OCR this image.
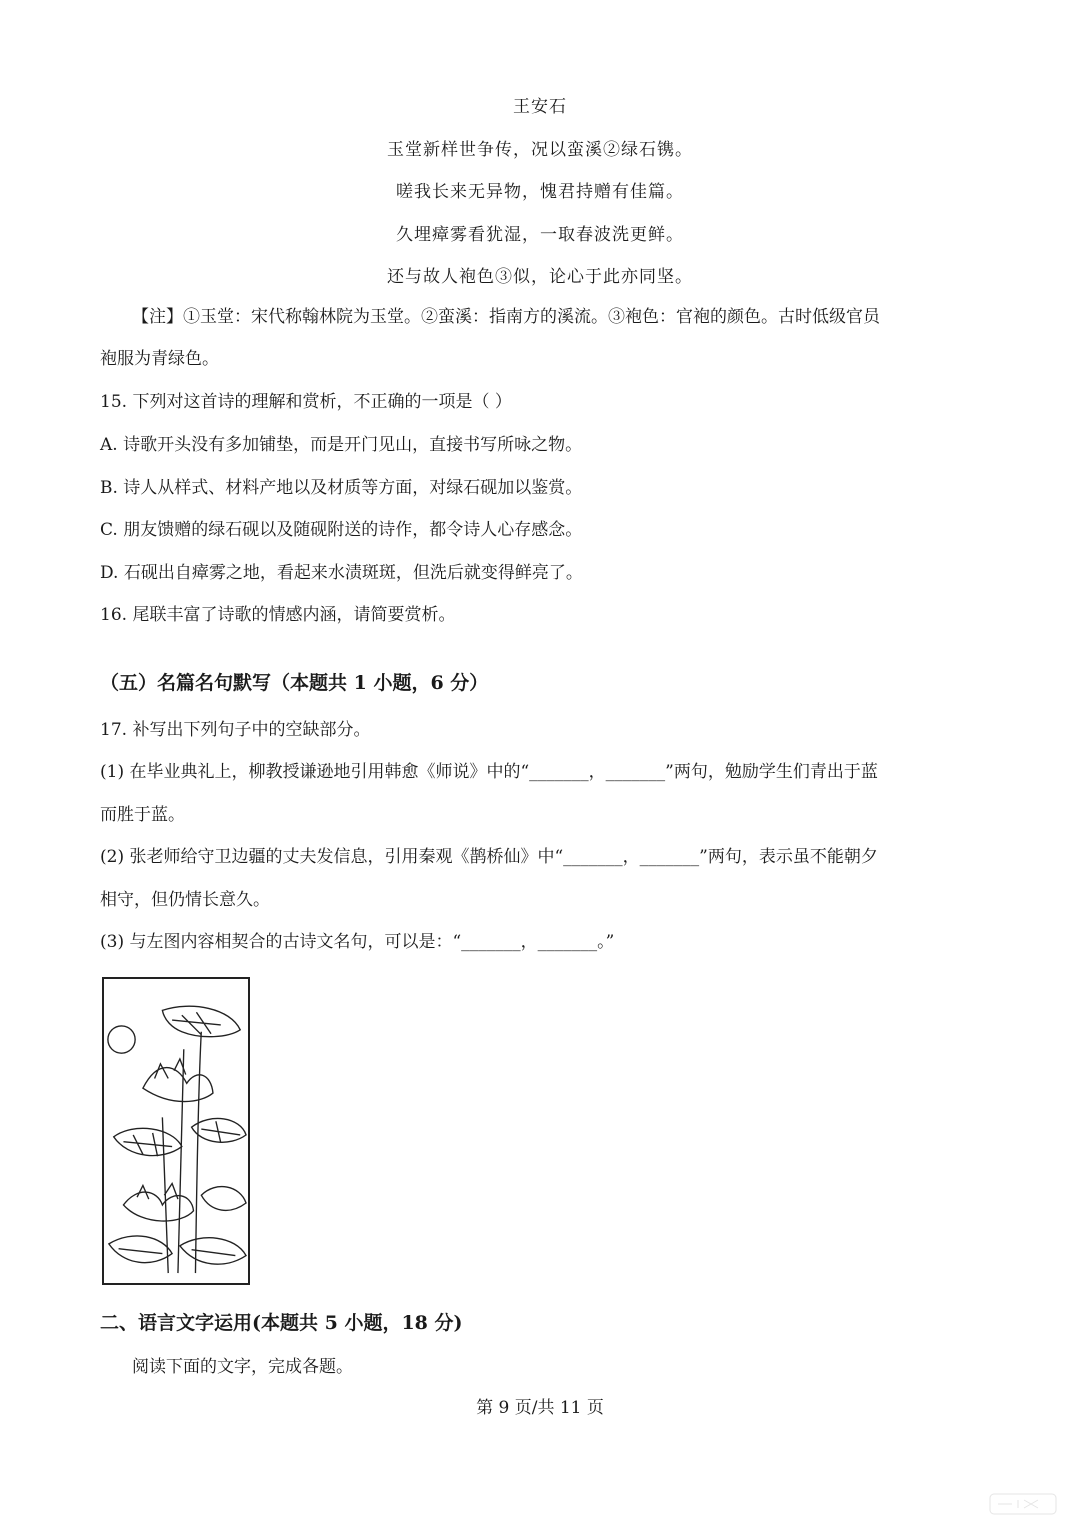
王安石
玉堂新样世争传，况以蛮溪②绿石镌。
嗟我长来无异物，愧君持赠有佳篇。
久埋瘴雾看犹湿，一取春波洗更鲜。
还与故人袍色③似，论心于此亦同坚。
【注】①玉堂：宋代称翰林院为玉堂。②蛮溪：指南方的溪流。③袍色：官袍的颜色。古时低级官员
袍服为青绿色。
15. 下列对这首诗的理解和赏析，不正确的一项是（ ）
A. 诗歌开头没有多加铺垫，而是开门见山，直接书写所咏之物。
B. 诗人从样式、材料产地以及材质等方面，对绿石砚加以鉴赏。
C. 朋友馈赠的绿石砚以及随砚附送的诗作，都令诗人心存感念。
D. 石砚出自瘴雾之地，看起来水渍斑斑，但洗后就变得鲜亮了。
16. 尾联丰富了诗歌的情感内涵，请简要赏析。
（五）名篇名句默写（本题共 1 小题，6 分）
17. 补写出下列句子中的空缺部分。
(1) 在毕业典礼上，柳教授谦逊地引用韩愈《师说》中的“_______，_______”两句，勉励学生们青出于蓝
而胜于蓝。
(2) 张老师给守卫边疆的丈夫发信息，引用秦观《鹊桥仙》中“_______，_______”两句，表示虽不能朝夕
相守，但仍情长意久。
(3) 与左图内容相契合的古诗文名句，可以是：“_______，_______。”
二、语言文字运用(本题共 5 小题，18 分)
阅读下面的文字，完成各题。
第 9 页/共 11 页
